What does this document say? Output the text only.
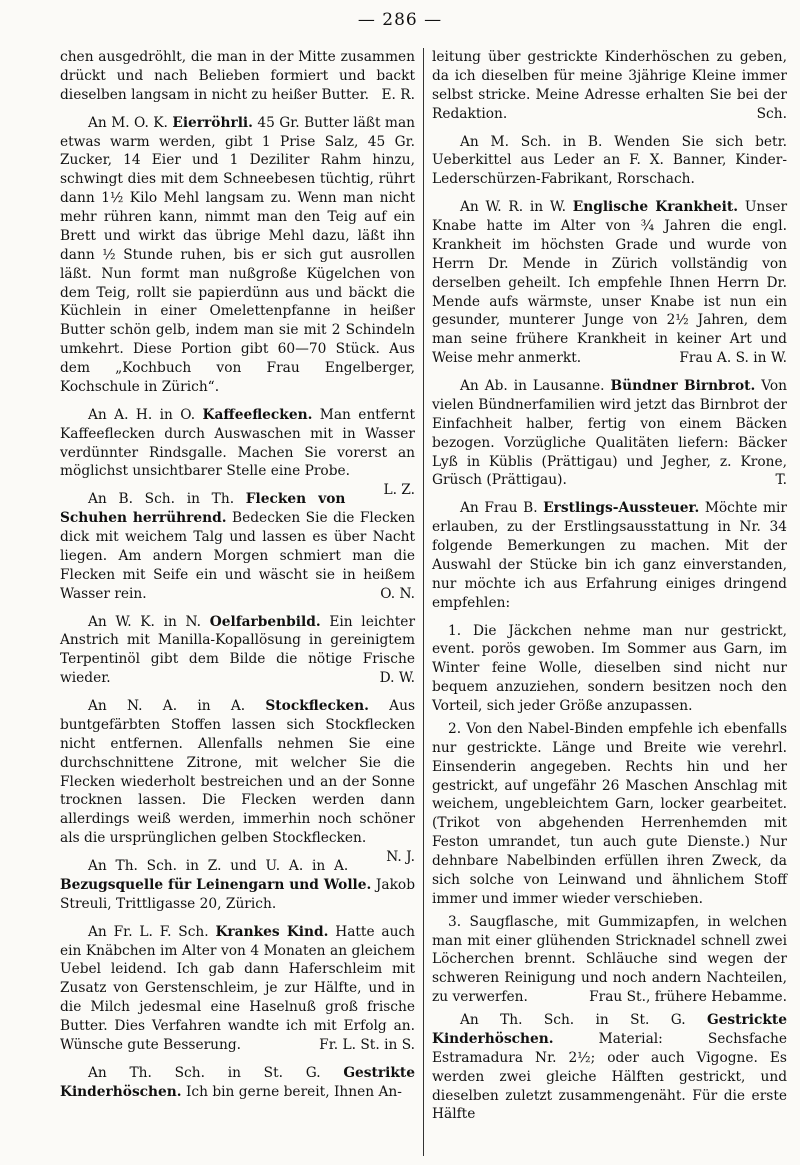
— 286 —

chen ausgedröhlt, die man in der Mitte zusammen drückt und nach Belieben formiert und backt dieselben langsam in nicht zu heißer Butter. E. R.

An M. O. K. Eierröhrli. 45 Gr. Butter läßt man etwas warm werden, gibt 1 Prise Salz, 45 Gr. Zucker, 14 Eier und 1 Deziliter Rahm hinzu, schwingt dies mit dem Schneebesen tüchtig, rührt dann 1½ Kilo Mehl langsam zu. Wenn man nicht mehr rühren kann, nimmt man den Teig auf ein Brett und wirkt das übrige Mehl dazu, läßt ihn dann ½ Stunde ruhen, bis er sich gut ausrollen läßt. Nun formt man nußgroße Kügelchen von dem Teig, rollt sie papierdünn aus und bäckt die Küchlein in einer Omelettenpfanne in heißer Butter schön gelb, indem man sie mit 2 Schindeln umkehrt. Diese Portion gibt 60—70 Stück. Aus dem „Kochbuch von Frau Engelberger, Kochschule in Zürich“.

An A. H. in O. Kaffeeflecken. Man entfernt Kaffeeflecken durch Auswaschen mit in Wasser verdünnter Rindsgalle. Machen Sie vorerst an möglichst unsichtbarer Stelle eine Probe.
L. Z.

An B. Sch. in Th. Flecken von Schuhen herrührend. Bedecken Sie die Flecken dick mit weichem Talg und lassen es über Nacht liegen. Am andern Morgen schmiert man die Flecken mit Seife ein und wäscht sie in heißem Wasser rein.	O. N.

An W. K. in N. Oelfarbenbild. Ein leichter Anstrich mit Manilla-Kopallösung in gereinigtem Terpentinöl gibt dem Bilde die nötige Frische wieder.	D. W.

An N. A. in A. Stockflecken. Aus buntgefärbten Stoffen lassen sich Stockflecken nicht entfernen. Allenfalls nehmen Sie eine durchschnittene Zitrone, mit welcher Sie die Flecken wiederholt bestreichen und an der Sonne trocknen lassen. Die Flecken werden dann allerdings weiß werden, immerhin noch schöner als die ursprünglichen gelben Stockflecken.
N. J.

An Th. Sch. in Z. und U. A. in A. Bezugsquelle für Leinengarn und Wolle. Jakob Streuli, Trittligasse 20, Zürich.

An Fr. L. F. Sch. Krankes Kind. Hatte auch ein Knäbchen im Alter von 4 Monaten an gleichem Uebel leidend. Ich gab dann Haferschleim mit Zusatz von Gerstenschleim, je zur Hälfte, und in die Milch jedesmal eine Haselnuß groß frische Butter. Dies Verfahren wandte ich mit Erfolg an. Wünsche gute Besserung.	Fr. L. St. in S.

An Th. Sch. in St. G. Gestrikte Kinderhöschen. Ich bin gerne bereit, Ihnen An-

leitung über gestrickte Kinderhöschen zu geben, da ich dieselben für meine 3jährige Kleine immer selbst stricke. Meine Adresse erhalten Sie bei der Redaktion.	Sch.

An M. Sch. in B. Wenden Sie sich betr. Ueberkittel aus Leder an F. X. Banner, Kinder-Lederschürzen-Fabrikant, Rorschach.

An W. R. in W. Englische Krankheit. Unser Knabe hatte im Alter von ¾ Jahren die engl. Krankheit im höchsten Grade und wurde von Herrn Dr. Mende in Zürich vollständig von derselben geheilt. Ich empfehle Ihnen Herrn Dr. Mende aufs wärmste, unser Knabe ist nun ein gesunder, munterer Junge von 2½ Jahren, dem man seine frühere Krankheit in keiner Art und Weise mehr anmerkt.	Frau A. S. in W.

An Ab. in Lausanne. Bündner Birnbrot. Von vielen Bündnerfamilien wird jetzt das Birnbrot der Einfachheit halber, fertig von einem Bäcken bezogen. Vorzügliche Qualitäten liefern: Bäcker Lyß in Küblis (Prättigau) und Jegher, z. Krone, Grüsch (Prättigau).	T.

An Frau B. Erstlings-Aussteuer. Möchte mir erlauben, zu der Erstlingsausstattung in Nr. 34 folgende Bemerkungen zu machen. Mit der Auswahl der Stücke bin ich ganz einverstanden, nur möchte ich aus Erfahrung einiges dringend empfehlen:

1. Die Jäckchen nehme man nur gestrickt, event. porös gewoben. Im Sommer aus Garn, im Winter feine Wolle, dieselben sind nicht nur bequem anzuziehen, sondern besitzen noch den Vorteil, sich jeder Größe anzupassen.

2. Von den Nabel-Binden empfehle ich ebenfalls nur gestrickte. Länge und Breite wie verehrl. Einsenderin angegeben. Rechts hin und her gestrickt, auf ungefähr 26 Maschen Anschlag mit weichem, ungebleichtem Garn, locker gearbeitet. (Trikot von abgehenden Herrenhemden mit Feston umrandet, tun auch gute Dienste.) Nur dehnbare Nabelbinden erfüllen ihren Zweck, da sich solche von Leinwand und ähnlichem Stoff immer und immer wieder verschieben.

3. Saugflasche, mit Gummizapfen, in welchen man mit einer glühenden Stricknadel schnell zwei Löcherchen brennt. Schläuche sind wegen der schweren Reinigung und noch andern Nachteilen, zu verwerfen.	Frau St., frühere Hebamme.

An Th. Sch. in St. G. Gestrickte Kinderhöschen.	Material: Sechsfache Estramadura Nr. 2½; oder auch Vigogne. Es werden zwei gleiche Hälften gestrickt, und dieselben zuletzt zusammengenäht. Für die erste Hälfte
